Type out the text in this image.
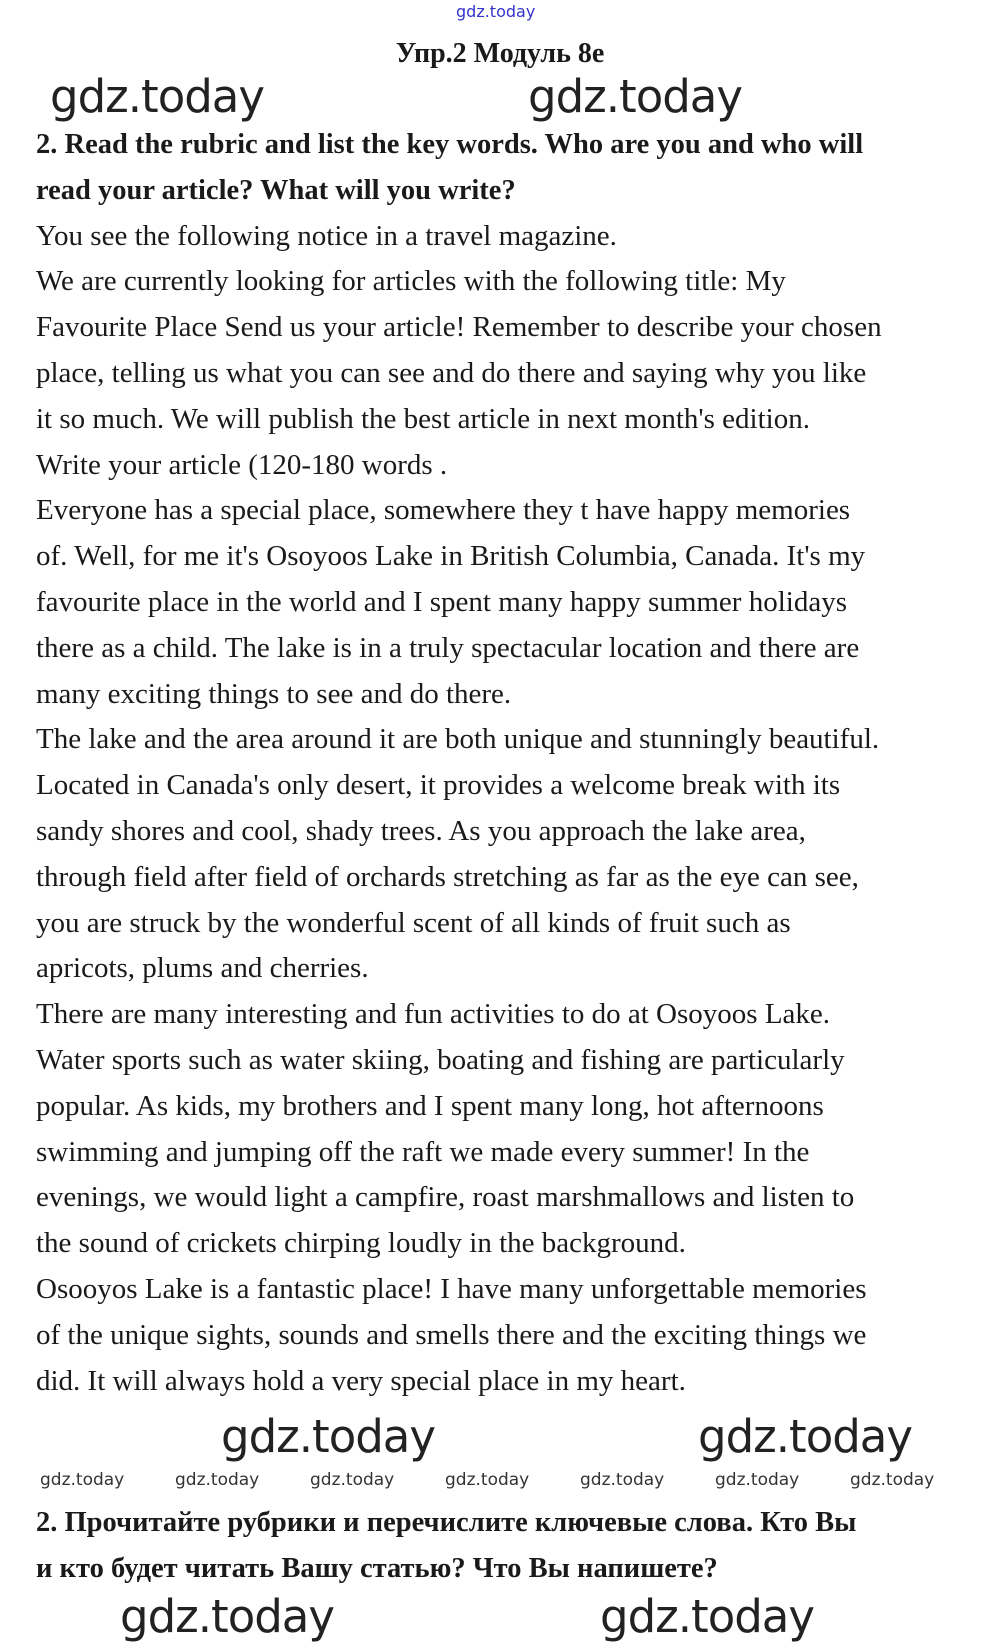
gdz.today
Упр.2 Модуль 8е
2. Read the rubric and list the key words. Who are you and who will
read your article? What will you write?
You see the following notice in a travel magazine.
We are currently looking for articles with the following title: My
Favourite Place Send us your article! Remember to describe your chosen
place, telling us what you can see and do there and saying why you like
it so much. We will publish the best article in next month's edition.
Write your article (120-180 words .
Everyone has a special place, somewhere they t have happy memories
of. Well, for me it's Osoyoos Lake in British Columbia, Canada. It's my
favourite place in the world and I spent many happy summer holidays
there as a child. The lake is in a truly spectacular location and there are
many exciting things to see and do there.
The lake and the area around it are both unique and stunningly beautiful.
Located in Canada's only desert, it provides a welcome break with its
sandy shores and cool, shady trees. As you approach the lake area,
through field after field of orchards stretching as far as the eye can see,
you are struck by the wonderful scent of all kinds of fruit such as
apricots, plums and cherries.
There are many interesting and fun activities to do at Osoyoos Lake.
Water sports such as water skiing, boating and fishing are particularly
popular. As kids, my brothers and I spent many long, hot afternoons
swimming and jumping off the raft we made every summer! In the
evenings, we would light a campfire, roast marshmallows and listen to
the sound of crickets chirping loudly in the background.
Osooyos Lake is a fantastic place! I have many unforgettable memories
of the unique sights, sounds and smells there and the exciting things we
did. It will always hold a very special place in my heart.
2. Прочитайте рубрики и перечислите ключевые слова. Кто Вы
и кто будет читать Вашу статью? Что Вы напишете?
gdz.today	gdz.today
gdz.today	gdz.today
gdz.today	gdz.today
gdz.today	gdz.today	gdz.today	gdz.today	gdz.today	gdz.today	gdz.today
